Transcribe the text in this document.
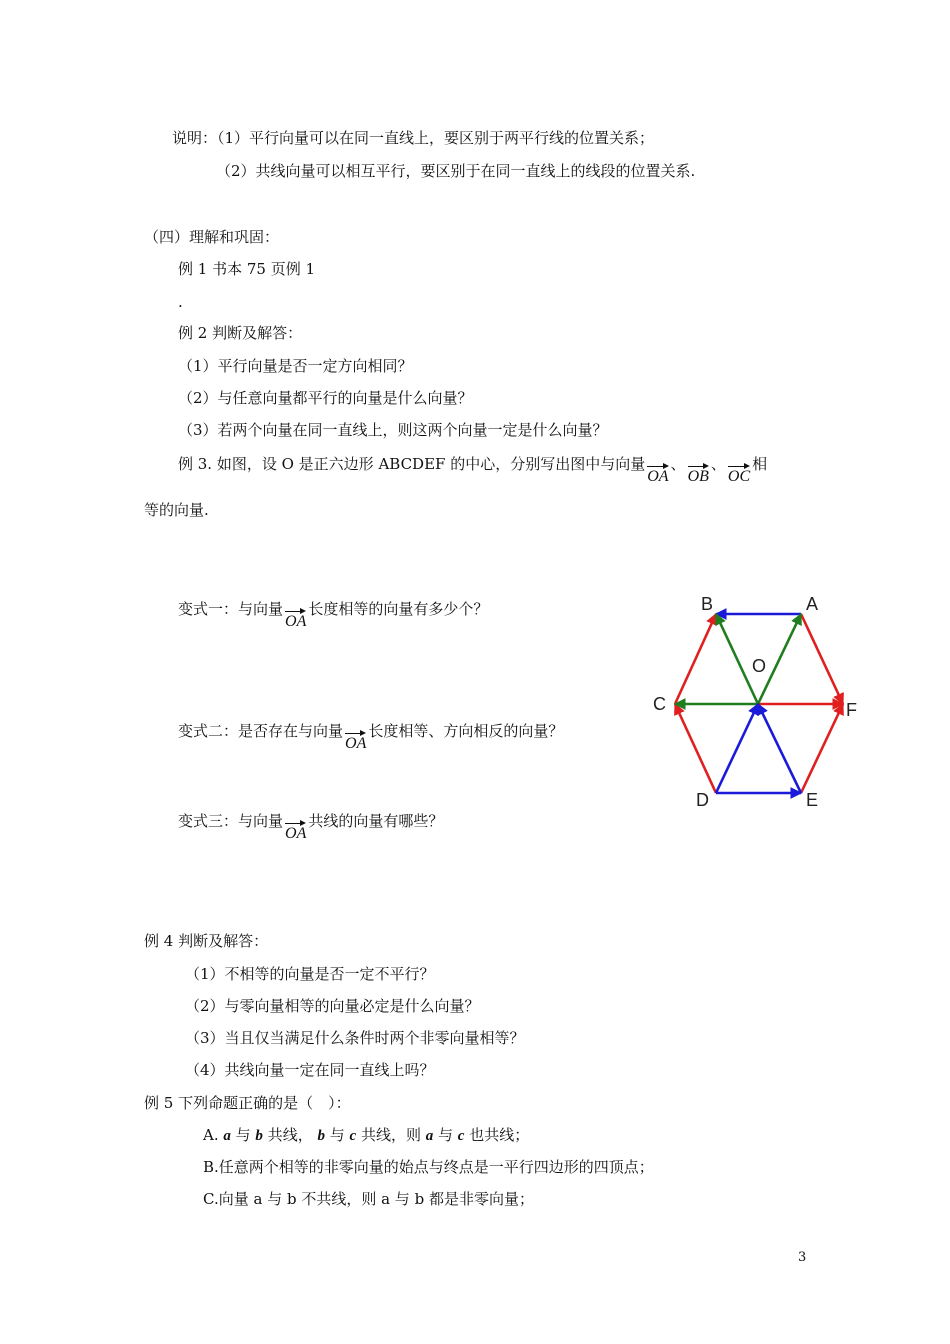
说明：（1）平行向量可以在同一直线上，要区别于两平行线的位置关系；
（2）共线向量可以相互平行，要区别于在同一直线上的线段的位置关系.
（四）理解和巩固：
例 1 书本 75 页例 1
.
例 2 判断及解答：
（1）平行向量是否一定方向相同？
（2）与任意向量都平行的向量是什么向量？
（3）若两个向量在同一直线上，则这两个向量一定是什么向量？
例 3. 如图，设 O 是正六边形 ABCDEF 的中心，分别写出图中与向量
OA、
OB、
OC相
等的向量.
变式一：与向量
OA长度相等的向量有多少个？
变式二：是否存在与向量
OA长度相等、方向相反的向量？
变式三：与向量
OA共线的向量有哪些？
B	A
O
C	F
D	E
例 4 判断及解答：
（1）不相等的向量是否一定不平行？
（2）与零向量相等的向量必定是什么向量？
（3）当且仅当满足什么条件时两个非零向量相等？
（4）共线向量一定在同一直线上吗？
例 5 下列命题正确的是（　）：
A. a 与 b 共线， b 与 c 共线，则 a 与 c 也共线；
B.任意两个相等的非零向量的始点与终点是一平行四边形的四顶点；
C.向量 a 与 b 不共线，则 a 与 b 都是非零向量；
3
